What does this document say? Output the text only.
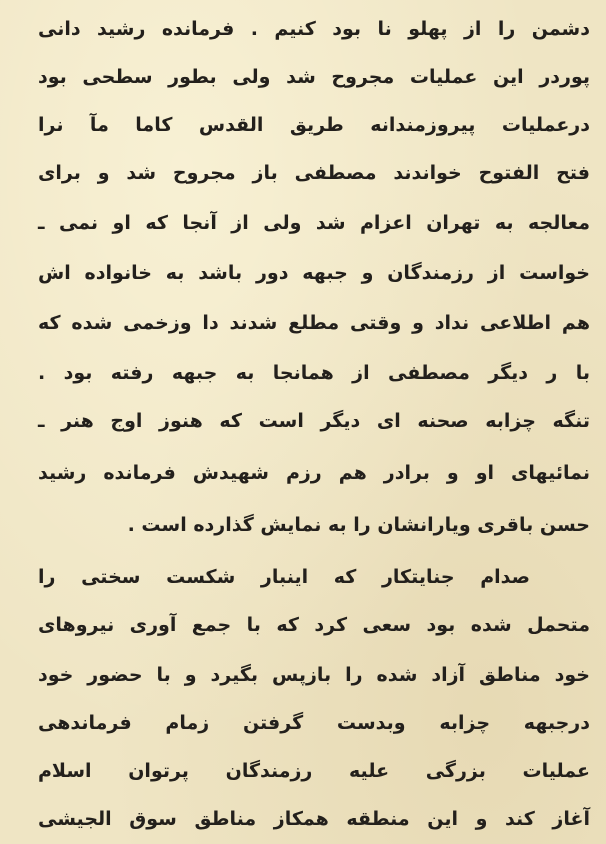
دشمن را از پهلو نا بود کنیم . فرمانده رشید دانی
پوردر این عملیات مجروح شد ولی بطور سطحی بود
درعملیات پیروزمندانه طریق القدس کاما مآ نرا
فتح الفتوح خواندند مصطفی باز مجروح شد و برای
معالجه به تهران اعزام شد ولی از آنجا که او نمی ـ
خواست از رزمندگان و جبهه دور باشد به خانواده اش
هم اطلاعی نداد و وقتی مطلع شدند دا وزخمی شده که
با ر دیگر مصطفی از همانجا به جبهه رفته بود .
تنگه چزابه صحنه ای دیگر است که هنوز اوج هنر ـ
نمائیهای او و برادر هم رزم شهیدش فرمانده رشید
حسن باقری ویارانشان را به نمایش گذارده است .
صدام جنایتکار که اینبار شکست سختی را
متحمل شده بود سعی کرد که با جمع آوری نیروهای
خود مناطق آزاد شده را بازپس بگیرد و با حضور خود
درجبهه چزابه وبدست گرفتن زمام فرماندهی
عملیات بزرگی علیه رزمندگان پرتوان اسلام
آغاز کند و این منطقه همکاز مناطق سوق الجیشی
